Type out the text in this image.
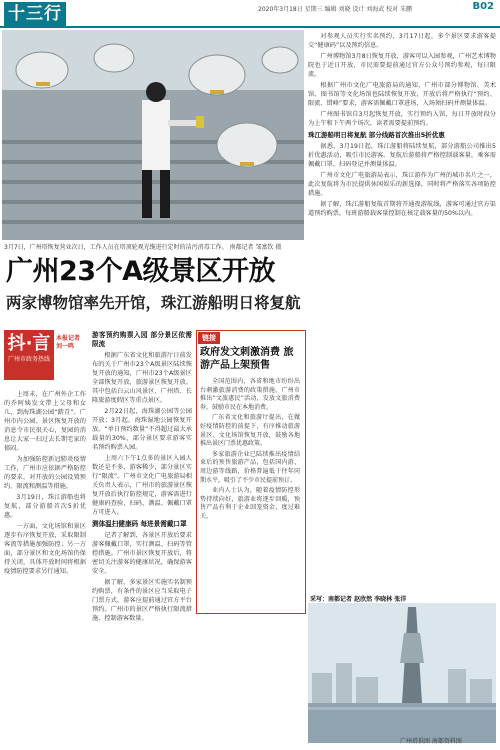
十三行	2020年3月18日 星期三 编辑 刘晓 设计 刘海武 校对 朱鹏	B02
3月7日，广州塔恢复营业次日，工作人员在塔顶轮观光缆进行定时的洁污消毒工作。 南都记者 邹富钦 摄
广州23个A级景区开放
两家博物馆率先开馆，珠江游船明日将复航
抖·言
广州市政务热线
本报记者 刘一鸣

上周末，在广州外企工作的乔阿姨发文带上父母和女儿，到海珠湖公园“踏青”。广州市内公园、景区恢复开放的消息令市民很关心，复园的消息让大家一扫过去长期宅家的郁闷。

为加强防控新冠肺炎疫情工作，广州市应依据严格防控的要求，对开放的公园设置预约、限流和测温等措施。

3月19日，珠江游船也将复航，部分游船首次5折优惠。

一方面，文化场馆和景区逐步有序恢复开放，采取限制客流等措施加强防控；另一方面，部分景区和文化场馆仍保持关闭，具体开放时间将根据疫情防控要求另行通知。

游客预约购票入园 部分景区依需限流

根据广东省文化和旅游厅日前发布的关于广州市23个A级景区陆续恢复开放的通知，广州市23个A级景区全部恢复开放，旅游景区恢复开放。其中包括白云山风景区、广州塔、长隆旅游度假区等重点景区。

2月22日起，海珠湖公园等公园开放；3月起，海珠湿地公园恢复开放。“单日预约数量”不得超过最大承载量的30%，部分景区要求游客实名预约购票入园。

上周六下午1点多的景区入园人数还是不多，游客稀少，部分景区实行“限流”。广州市文化广电旅游局相关负责人表示，广州市的旅游景区恢复开放后执行防控规定，游客需进行健康码查验、扫码、测温、佩戴口罩方可进入。

测体温扫健康码 每进景需戴口罩

记者了解到，各景区开放后要求游客佩戴口罩，实行测温、扫码等管控措施。广州市景区恢复开放后，将密切关注游客的健康状况，确保游客安全。

据了解，多家景区实施实名制预约购票，有条件的景区应当采取电子门票方式，游客应提前通过官方平台预约。广州市的景区严格执行限流措施，控制游客数量。

链接
政府发文刺激消费 旅游产品上架预售

全国范围内，各省和地市纷纷出台刺激旅游消费的政策措施。广州市推出“文旅惠民”活动，发放文旅消费券，鼓励市民在本地消费。

广东省文化和旅游厅提出，在做好疫情防控的前提下，有序推动旅游景区、文化场馆恢复开放，鼓励各地推出景区门票优惠政策。

多家旅游企业已陆续推出疫情结束后的预售旅游产品，包括国内游、周边游等线路，价格普遍低于往年同期水平，吸引了不少市民提前预订。

业内人士认为，随着疫情防控形势持续向好，旅游业将逐步回暖，预售产品有利于企业回笼资金，度过难关。

对参观人员实行实名预约，3月17日起，多个景区要求游客提交“健康码”以及预约信息。

广州博物馆3月8日恢复开放，游客可以入园参观，广州艺术博物院也于近日开放，市民需要提前通过官方公众号预约参观，每日限流。

根据广州市文化广电旅游局的通知，广州市部分博物馆、美术馆、图书馆等文化场馆也陆续恢复开放，开放后将严格执行“预约、限流、错峰”要求，游客需佩戴口罩进场，入场须扫码并测量体温。

广州图书馆自3月起恢复开放，实行预约入馆，每日开放时段分为上午和下午两个场次，读者需要提前预约。

珠江游船明日将复航 部分线路首次推出5折优惠

据悉，3月19日起，珠江游船将陆续复航，部分游船公司推出5折优惠活动，吸引市民游客。复航后游船将严格控制载客量，乘客需佩戴口罩、扫码登记并测量体温。

广州市文化广电旅游局表示，珠江游作为广州的城市名片之一，此次复航将为市民提供休闲娱乐的新选择，同时将严格落实各项防控措施。

据了解，珠江游船复航首期将开通夜游航线，游客可通过官方渠道预约购票，每班游船载客量控制在核定载客量的50%以内。

采写：南都记者 赵欣然 李晓林 张洋
广州塔供图 南都资料图
